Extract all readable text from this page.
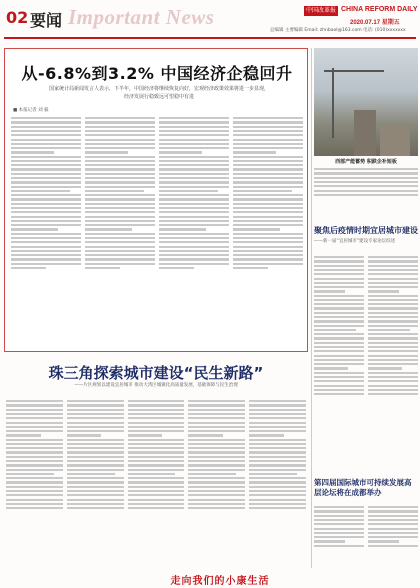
02 要闻 Important News	中国改革报 CHINA REFORM DAILY
2020.07.17 星期五
总编辑 主要编辑 Email: zhnbaol@163.com 电话: (010)xxxxxxx
从-6.8%到3.2% 中国经济企稳回升
国家统计局新闻发言人表示，下半年，中国经济将继续恢复向好，宏观经济政策效果将进一步显现，经济发展行稳致远可望稳中有进
■ 本报记者 刘 毅
西部产能蓄势 积跌企补短板
聚焦后疫情时期宜居城市建设
——新一届“宜居城市”建设专家论坛综述
第四届国际城市可持续发展高层论坛将在成都举办
珠三角探索城市建设“民生新路”
——片区规划以建设宜居城市 推动大湾区城镇化高质量发展，基础保障与民生治理
走向我们的小康生活
